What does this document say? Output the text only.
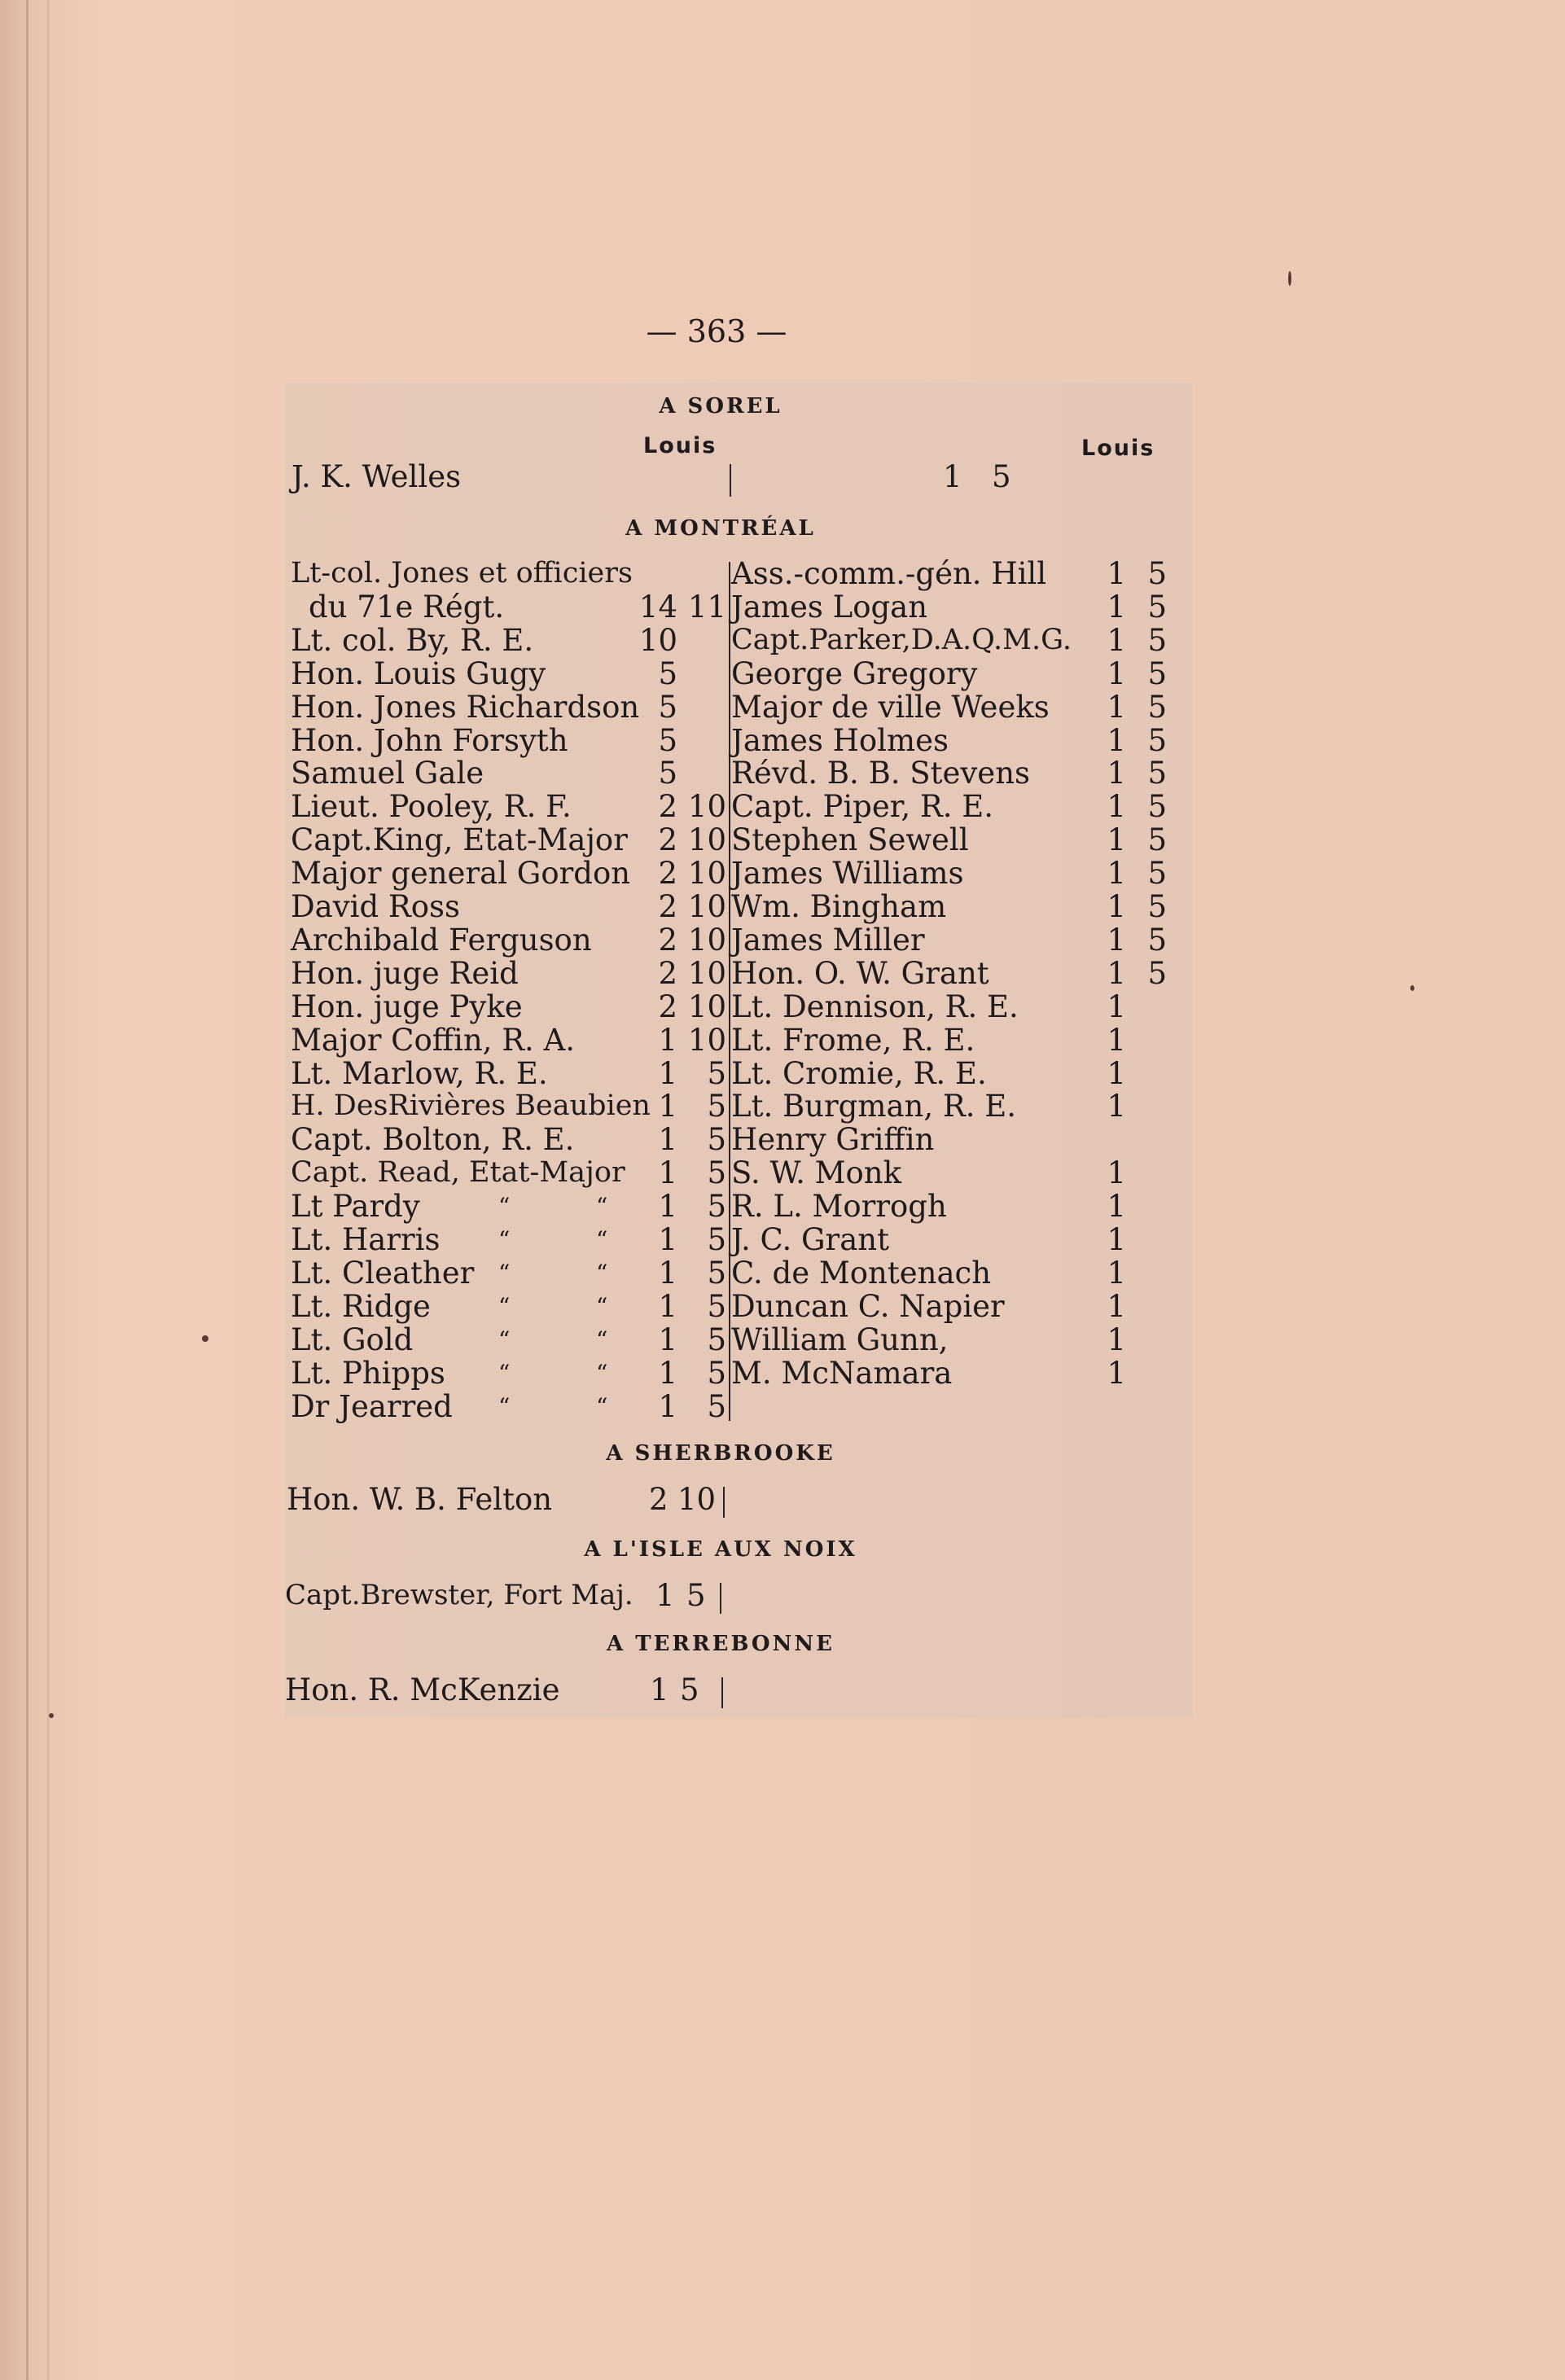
— 363 —
A SOREL
Louis	Louis
J. K. Welles	1 5
A MONTRÉAL
Lt-col. Jones et officiers
du 71e Régt.	14 11
Lt. col. By, R. E.	10
Hon. Louis Gugy	5
Hon. Jones Richardson 5
Hon. John Forsyth	5
Samuel Gale	5
Lieut. Pooley, R. F.	2 10
Capt.King, Etat-Major	2 10
Major general Gordon 2 10
David Ross	2 10
Archibald Ferguson	2 10
Hon. juge Reid	2 10
Hon. juge Pyke	2 10
Major Coffin, R. A.	1 10
Lt. Marlow, R. E.	1 5
H. DesRivières Beaubien 1 5
Capt. Bolton, R. E.	1 5
Capt. Read, Etat-Major	1 5
Lt Pardy	“	“	1 5
Lt. Harris	“	“	1 5
Lt. Cleather “	“	1 5
Lt. Ridge	“	“	1 5
Lt. Gold	“	“	1 5
Lt. Phipps “	“	1 5
Dr Jearred “	“	1 5
Ass.-comm.-gén. Hill	1 5
James Logan	1 5
Capt.Parker,D.A.Q.M.G.	1 5
George Gregory	1 5
Major de ville Weeks	1 5
James Holmes	1 5
Révd. B. B. Stevens	1 5
Capt. Piper, R. E.	1 5
Stephen Sewell	1 5
James Williams	1 5
Wm. Bingham	1 5
James Miller	1 5
Hon. O. W. Grant	1 5
Lt. Dennison, R. E.	1
Lt. Frome, R. E.	1
Lt. Cromie, R. E.	1
Lt. Burgman, R. E.	1
Henry Griffin
S. W. Monk	1
R. L. Morrogh	1
J. C. Grant	1
C. de Montenach	1
Duncan C. Napier	1
William Gunn,	1
M. McNamara	1
A SHERBROOKE
Hon. W. B. Felton	2 10
A L'ISLE AUX NOIX
Capt.Brewster, Fort Maj. 1 5
A TERREBONNE
Hon. R. McKenzie	1 5
